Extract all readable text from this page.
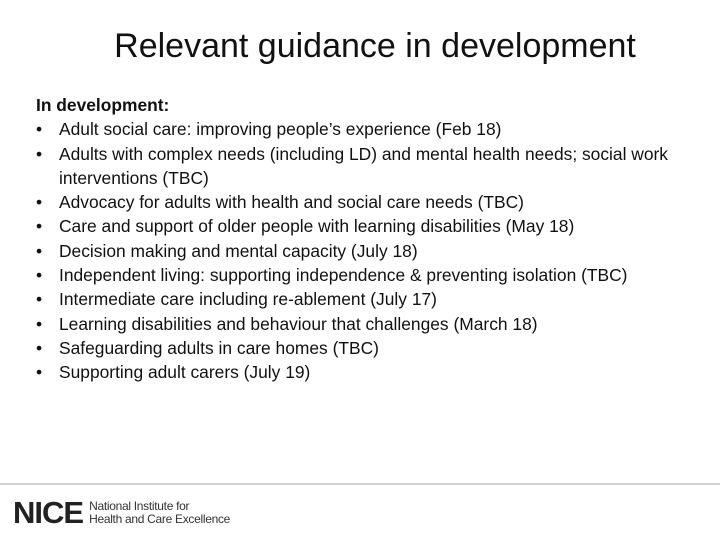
Relevant guidance in development
In development:
• Adult social care: improving people’s experience (Feb 18)
• Adults with complex needs (including LD) and mental health needs; social work interventions (TBC)
• Advocacy for adults with health and social care needs (TBC)
• Care and support of older people with learning disabilities (May 18)
• Decision making and mental capacity (July 18)
• Independent living: supporting independence & preventing isolation (TBC)
• Intermediate care including re-ablement (July 17)
• Learning disabilities and behaviour that challenges (March 18)
• Safeguarding adults in care homes (TBC)
• Supporting adult carers (July 19)
NICE National Institute for
Health and Care Excellence
